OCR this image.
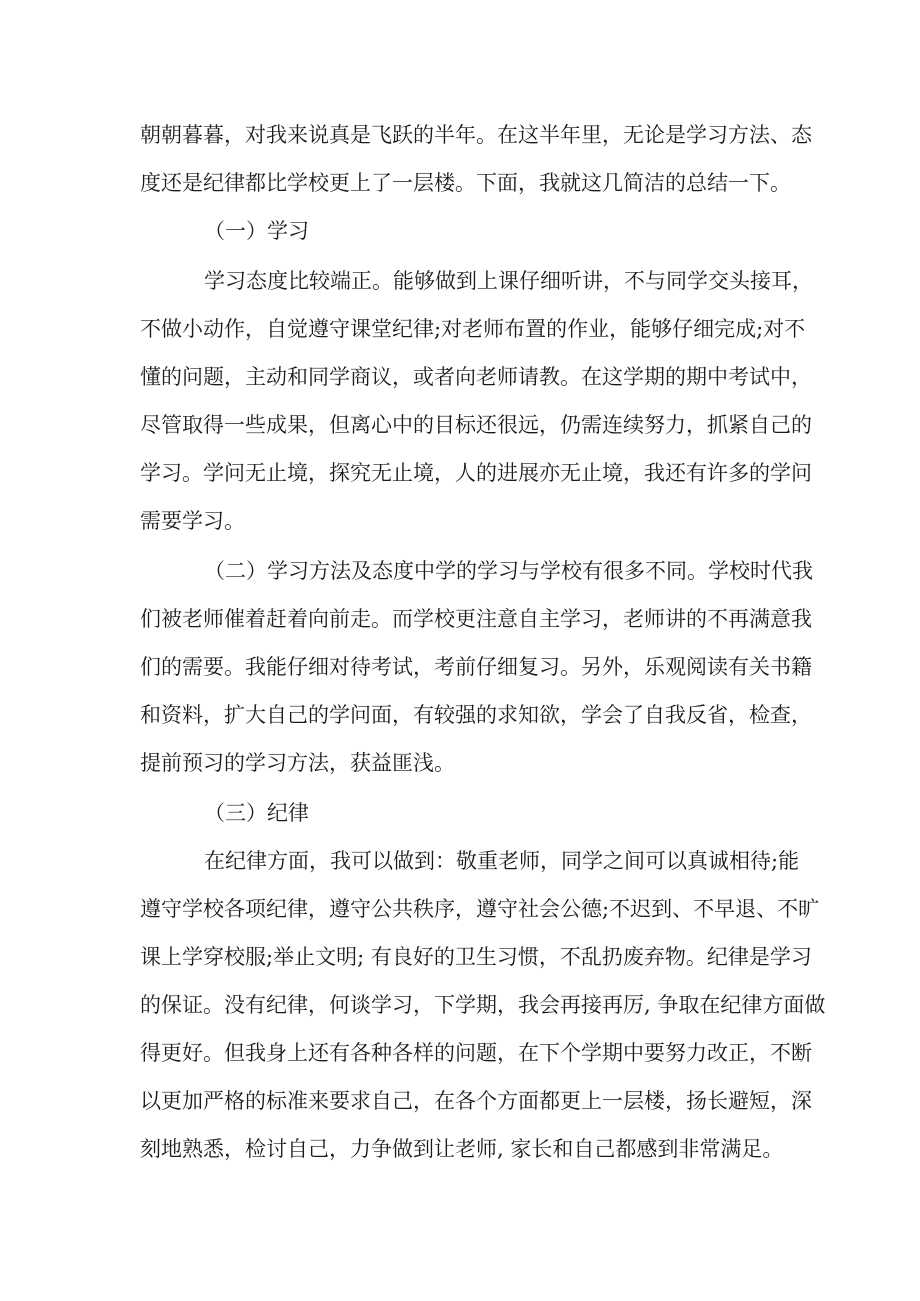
朝朝暮暮，对我来说真是飞跃的半年。在这半年里，无论是学习方法、态
度还是纪律都比学校更上了一层楼。下面，我就这几简洁的总结一下。
（一）学习
学习态度比较端正。能够做到上课仔细听讲，不与同学交头接耳，
不做小动作，自觉遵守课堂纪律;对老师布置的作业，能够仔细完成;对不
懂的问题，主动和同学商议，或者向老师请教。在这学期的期中考试中，
尽管取得一些成果，但离心中的目标还很远，仍需连续努力，抓紧自己的
学习。学问无止境，探究无止境，人的进展亦无止境，我还有许多的学问
需要学习。
（二）学习方法及态度中学的学习与学校有很多不同。学校时代我
们被老师催着赶着向前走。而学校更注意自主学习，老师讲的不再满意我
们的需要。我能仔细对待考试，考前仔细复习。另外，乐观阅读有关书籍
和资料，扩大自己的学问面，有较强的求知欲，学会了自我反省，检查，
提前预习的学习方法，获益匪浅。
（三）纪律
在纪律方面，我可以做到：敬重老师，同学之间可以真诚相待;能
遵守学校各项纪律，遵守公共秩序，遵守社会公德;不迟到、不早退、不旷
课上学穿校服;举止文明; 有良好的卫生习惯，不乱扔废弃物。纪律是学习
的保证。没有纪律，何谈学习，下学期，我会再接再厉, 争取在纪律方面做
得更好。但我身上还有各种各样的问题，在下个学期中要努力改正，不断
以更加严格的标准来要求自己，在各个方面都更上一层楼，扬长避短，深
刻地熟悉，检讨自己，力争做到让老师, 家长和自己都感到非常满足。
